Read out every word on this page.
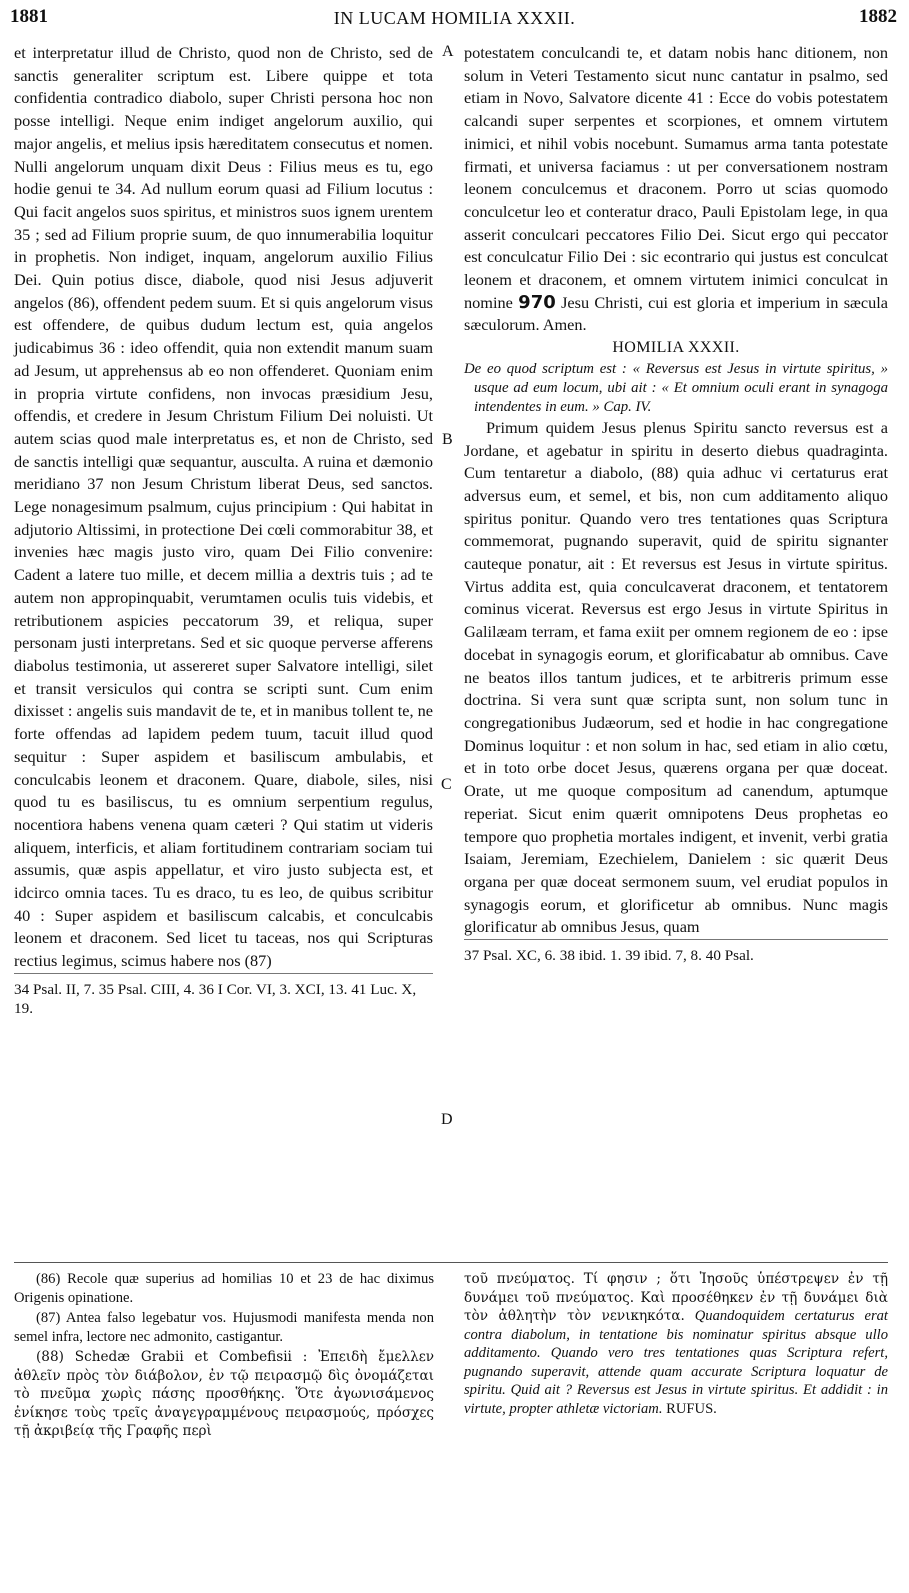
1881	IN LUCAM HOMILIA XXXII.	1882
A
B
C
D

et interpretatur illud de Christo, quod non de Christo, sed de sanctis generaliter scriptum est. Libere quippe et tota confidentia contradico diabolo, super Christi persona hoc non posse intelligi. Neque enim indiget angelorum auxilio, qui major angelis, et melius ipsis hæreditatem consecutus et nomen. Nulli angelorum unquam dixit Deus : Filius meus es tu, ego hodie genui te 34. Ad nullum eorum quasi ad Filium locutus : Qui facit angelos suos spiritus, et ministros suos ignem urentem 35 ; sed ad Filium proprie suum, de quo innumerabilia loquitur in prophetis. Non indiget, inquam, angelorum auxilio Filius Dei. Quin potius disce, diabole, quod nisi Jesus adjuverit angelos (86), offendent pedem suum. Et si quis angelorum visus est offendere, de quibus dudum lectum est, quia angelos judicabimus 36 : ideo offendit, quia non extendit manum suam ad Jesum, ut apprehensus ab eo non offenderet. Quoniam enim in propria virtute confidens, non invocas præsidium Jesu, offendis, et credere in Jesum Christum Filium Dei noluisti. Ut autem scias quod male interpretatus es, et non de Christo, sed de sanctis intelligi quæ sequantur, ausculta. A ruina et dæmonio meridiano 37 non Jesum Christum liberat Deus, sed sanctos. Lege nonagesimum psalmum, cujus principium : Qui habitat in adjutorio Altissimi, in protectione Dei cœli commorabitur 38, et invenies hæc magis justo viro, quam Dei Filio convenire: Cadent a latere tuo mille, et decem millia a dextris tuis ; ad te autem non appropinquabit, verumtamen oculis tuis videbis, et retributionem aspicies peccatorum 39, et reliqua, super personam justi interpretans. Sed et sic quoque perverse afferens diabolus testimonia, ut assereret super Salvatore intelligi, silet et transit versiculos qui contra se scripti sunt. Cum enim dixisset : angelis suis mandavit de te, et in manibus tollent te, ne forte offendas ad lapidem pedem tuum, tacuit illud quod sequitur : Super aspidem et basiliscum ambulabis, et conculcabis leonem et draconem. Quare, diabole, siles, nisi quod tu es basiliscus, tu es omnium serpentium regulus, nocentiora habens venena quam cæteri ? Qui statim ut videris aliquem, interficis, et aliam fortitudinem contrariam sociam tui assumis, quæ aspis appellatur, et viro justo subjecta est, et idcirco omnia taces. Tu es draco, tu es leo, de quibus scribitur 40 : Super aspidem et basiliscum calcabis, et conculcabis leonem et draconem. Sed licet tu taceas, nos qui Scripturas rectius legimus, scimus habere nos (87)

34 Psal. II, 7. 35 Psal. CIII, 4. 36 I Cor. VI, 3. XCI, 13. 41 Luc. X, 19.

potestatem conculcandi te, et datam nobis hanc ditionem, non solum in Veteri Testamento sicut nunc cantatur in psalmo, sed etiam in Novo, Salvatore dicente 41 : Ecce do vobis potestatem calcandi super serpentes et scorpiones, et omnem virtutem inimici, et nihil vobis nocebunt. Sumamus arma tanta potestate firmati, et universa faciamus : ut per conversationem nostram leonem conculcemus et draconem. Porro ut scias quomodo conculcetur leo et conteratur draco, Pauli Epistolam lege, in qua asserit conculcari peccatores Filio Dei. Sicut ergo qui peccator est conculcatur Filio Dei : sic econtrario qui justus est conculcat leonem et draconem, et omnem virtutem inimici conculcat in nomine 970 Jesu Christi, cui est gloria et imperium in sæcula sæculorum. Amen.

HOMILIA XXXII.

De eo quod scriptum est : « Reversus est Jesus in virtute spiritus, » usque ad eum locum, ubi ait : « Et omnium oculi erant in synagoga intendentes in eum. » Cap. IV.

Primum quidem Jesus plenus Spiritu sancto reversus est a Jordane, et agebatur in spiritu in deserto diebus quadraginta. Cum tentaretur a diabolo, (88) quia adhuc vi certaturus erat adversus eum, et semel, et bis, non cum additamento aliquo spiritus ponitur. Quando vero tres tentationes quas Scriptura commemorat, pugnando superavit, quid de spiritu signanter cauteque ponatur, ait : Et reversus est Jesus in virtute spiritus. Virtus addita est, quia conculcaverat draconem, et tentatorem cominus vicerat. Reversus est ergo Jesus in virtute Spiritus in Galilæam terram, et fama exiit per omnem regionem de eo : ipse docebat in synagogis eorum, et glorificabatur ab omnibus. Cave ne beatos illos tantum judices, et te arbitreris primum esse doctrina. Si vera sunt quæ scripta sunt, non solum tunc in congregationibus Judæorum, sed et hodie in hac congregatione Dominus loquitur : et non solum in hac, sed etiam in alio cœtu, et in toto orbe docet Jesus, quærens organa per quæ doceat. Orate, ut me quoque compositum ad canendum, aptumque reperiat. Sicut enim quærit omnipotens Deus prophetas eo tempore quo prophetia mortales indigent, et invenit, verbi gratia Isaiam, Jeremiam, Ezechielem, Danielem : sic quærit Deus organa per quæ doceat sermonem suum, vel erudiat populos in synagogis eorum, et glorificetur ab omnibus. Nunc magis glorificatur ab omnibus Jesus, quam

37 Psal. XC, 6. 38 ibid. 1. 39 ibid. 7, 8. 40 Psal.

(86) Recole quæ superius ad homilias 10 et 23 de hac diximus Origenis opinatione.

(87) Antea falso legebatur vos. Hujusmodi manifesta menda non semel infra, lectore nec admonito, castigantur.

(88) Schedæ Grabii et Combefisii : Ἐπειδὴ ἔμελλεν ἀθλεῖν πρὸς τὸν διάβολον, ἐν τῷ πειρασμῷ δὶς ὀνομάζεται τὸ πνεῦμα χωρὶς πάσης προσθήκης. Ὅτε ἀγωνισάμενος ἐνίκησε τοὺς τρεῖς ἀναγεγραμμένους πειρασμούς, πρόσχες τῇ ἀκριβείᾳ τῆς Γραφῆς περὶ

τοῦ πνεύματος. Τί φησιν ; ὅτι Ἰησοῦς ὑπέστρεψεν ἐν τῇ δυνάμει τοῦ πνεύματος. Καὶ προσέθηκεν ἐν τῇ δυνάμει διὰ τὸν ἀθλητὴν τὸν νενικηκότα. Quandoquidem certaturus erat contra diabolum, in tentatione bis nominatur spiritus absque ullo additamento. Quando vero tres tentationes quas Scriptura refert, pugnando superavit, attende quam accurate Scriptura loquatur de spiritu. Quid ait ? Reversus est Jesus in virtute spiritus. Et addidit : in virtute, propter athletæ victoriam. RUFUS.
